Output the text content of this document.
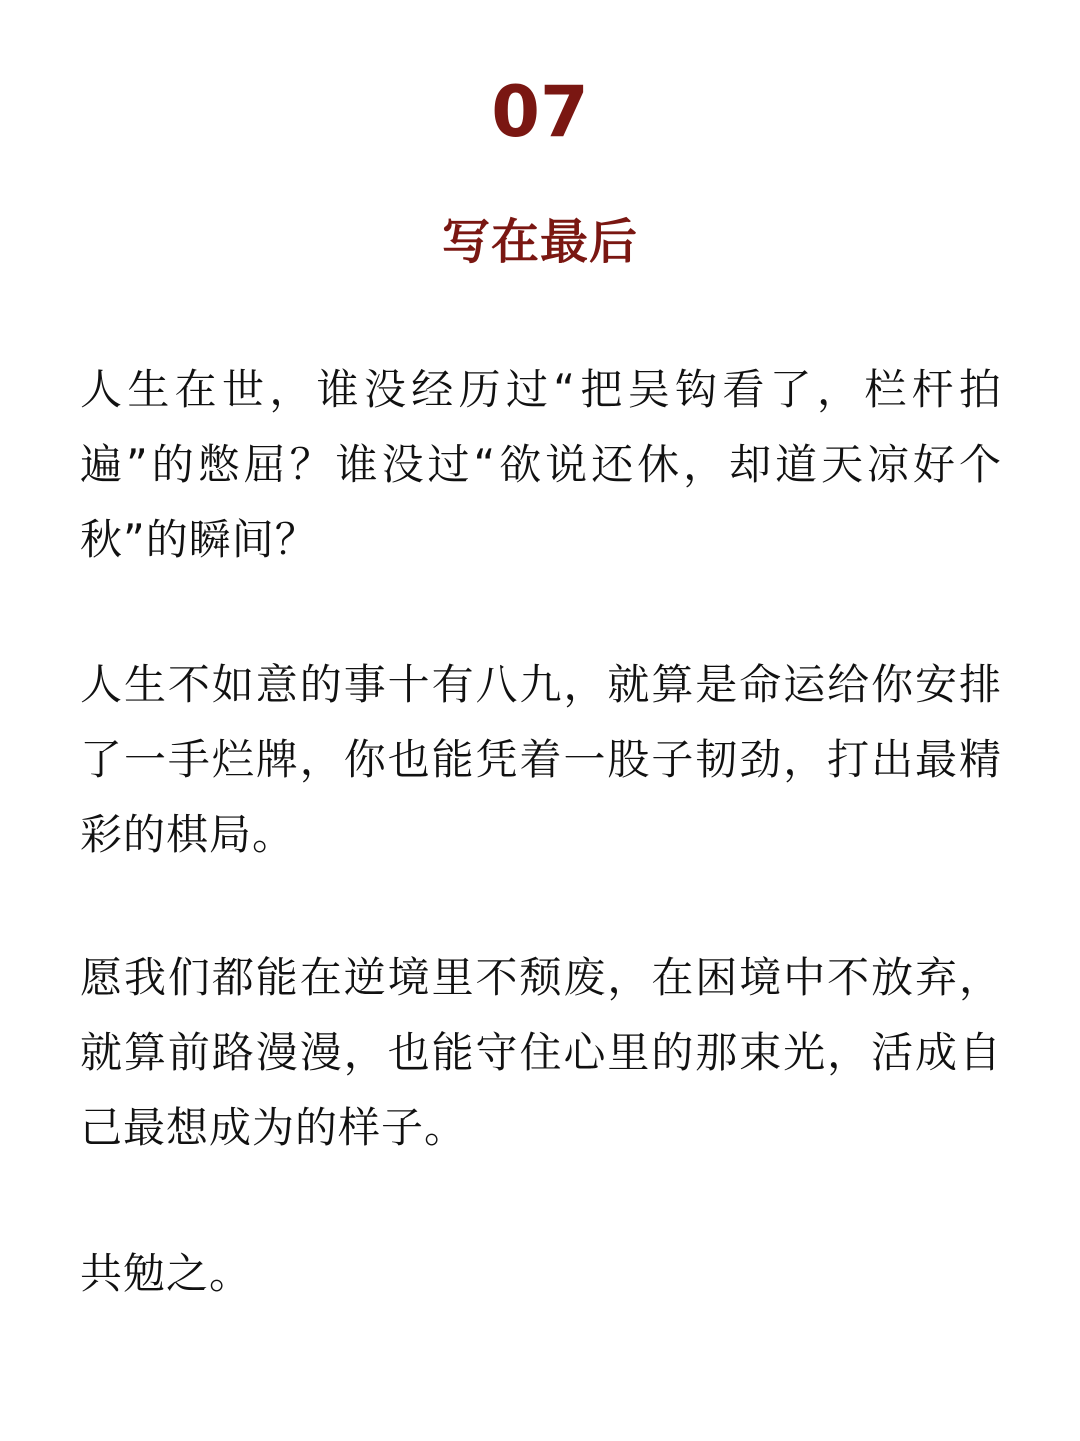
07
写在最后

人生在世，谁没经历过“把吴钩看了，栏杆拍遍”的憋屈？谁没过“欲说还休，却道天凉好个秋”的瞬间？

人生不如意的事十有八九，就算是命运给你安排了一手烂牌，你也能凭着一股子韧劲，打出最精彩的棋局。

愿我们都能在逆境里不颓废，在困境中不放弃，就算前路漫漫，也能守住心里的那束光，活成自己最想成为的样子。

共勉之。
